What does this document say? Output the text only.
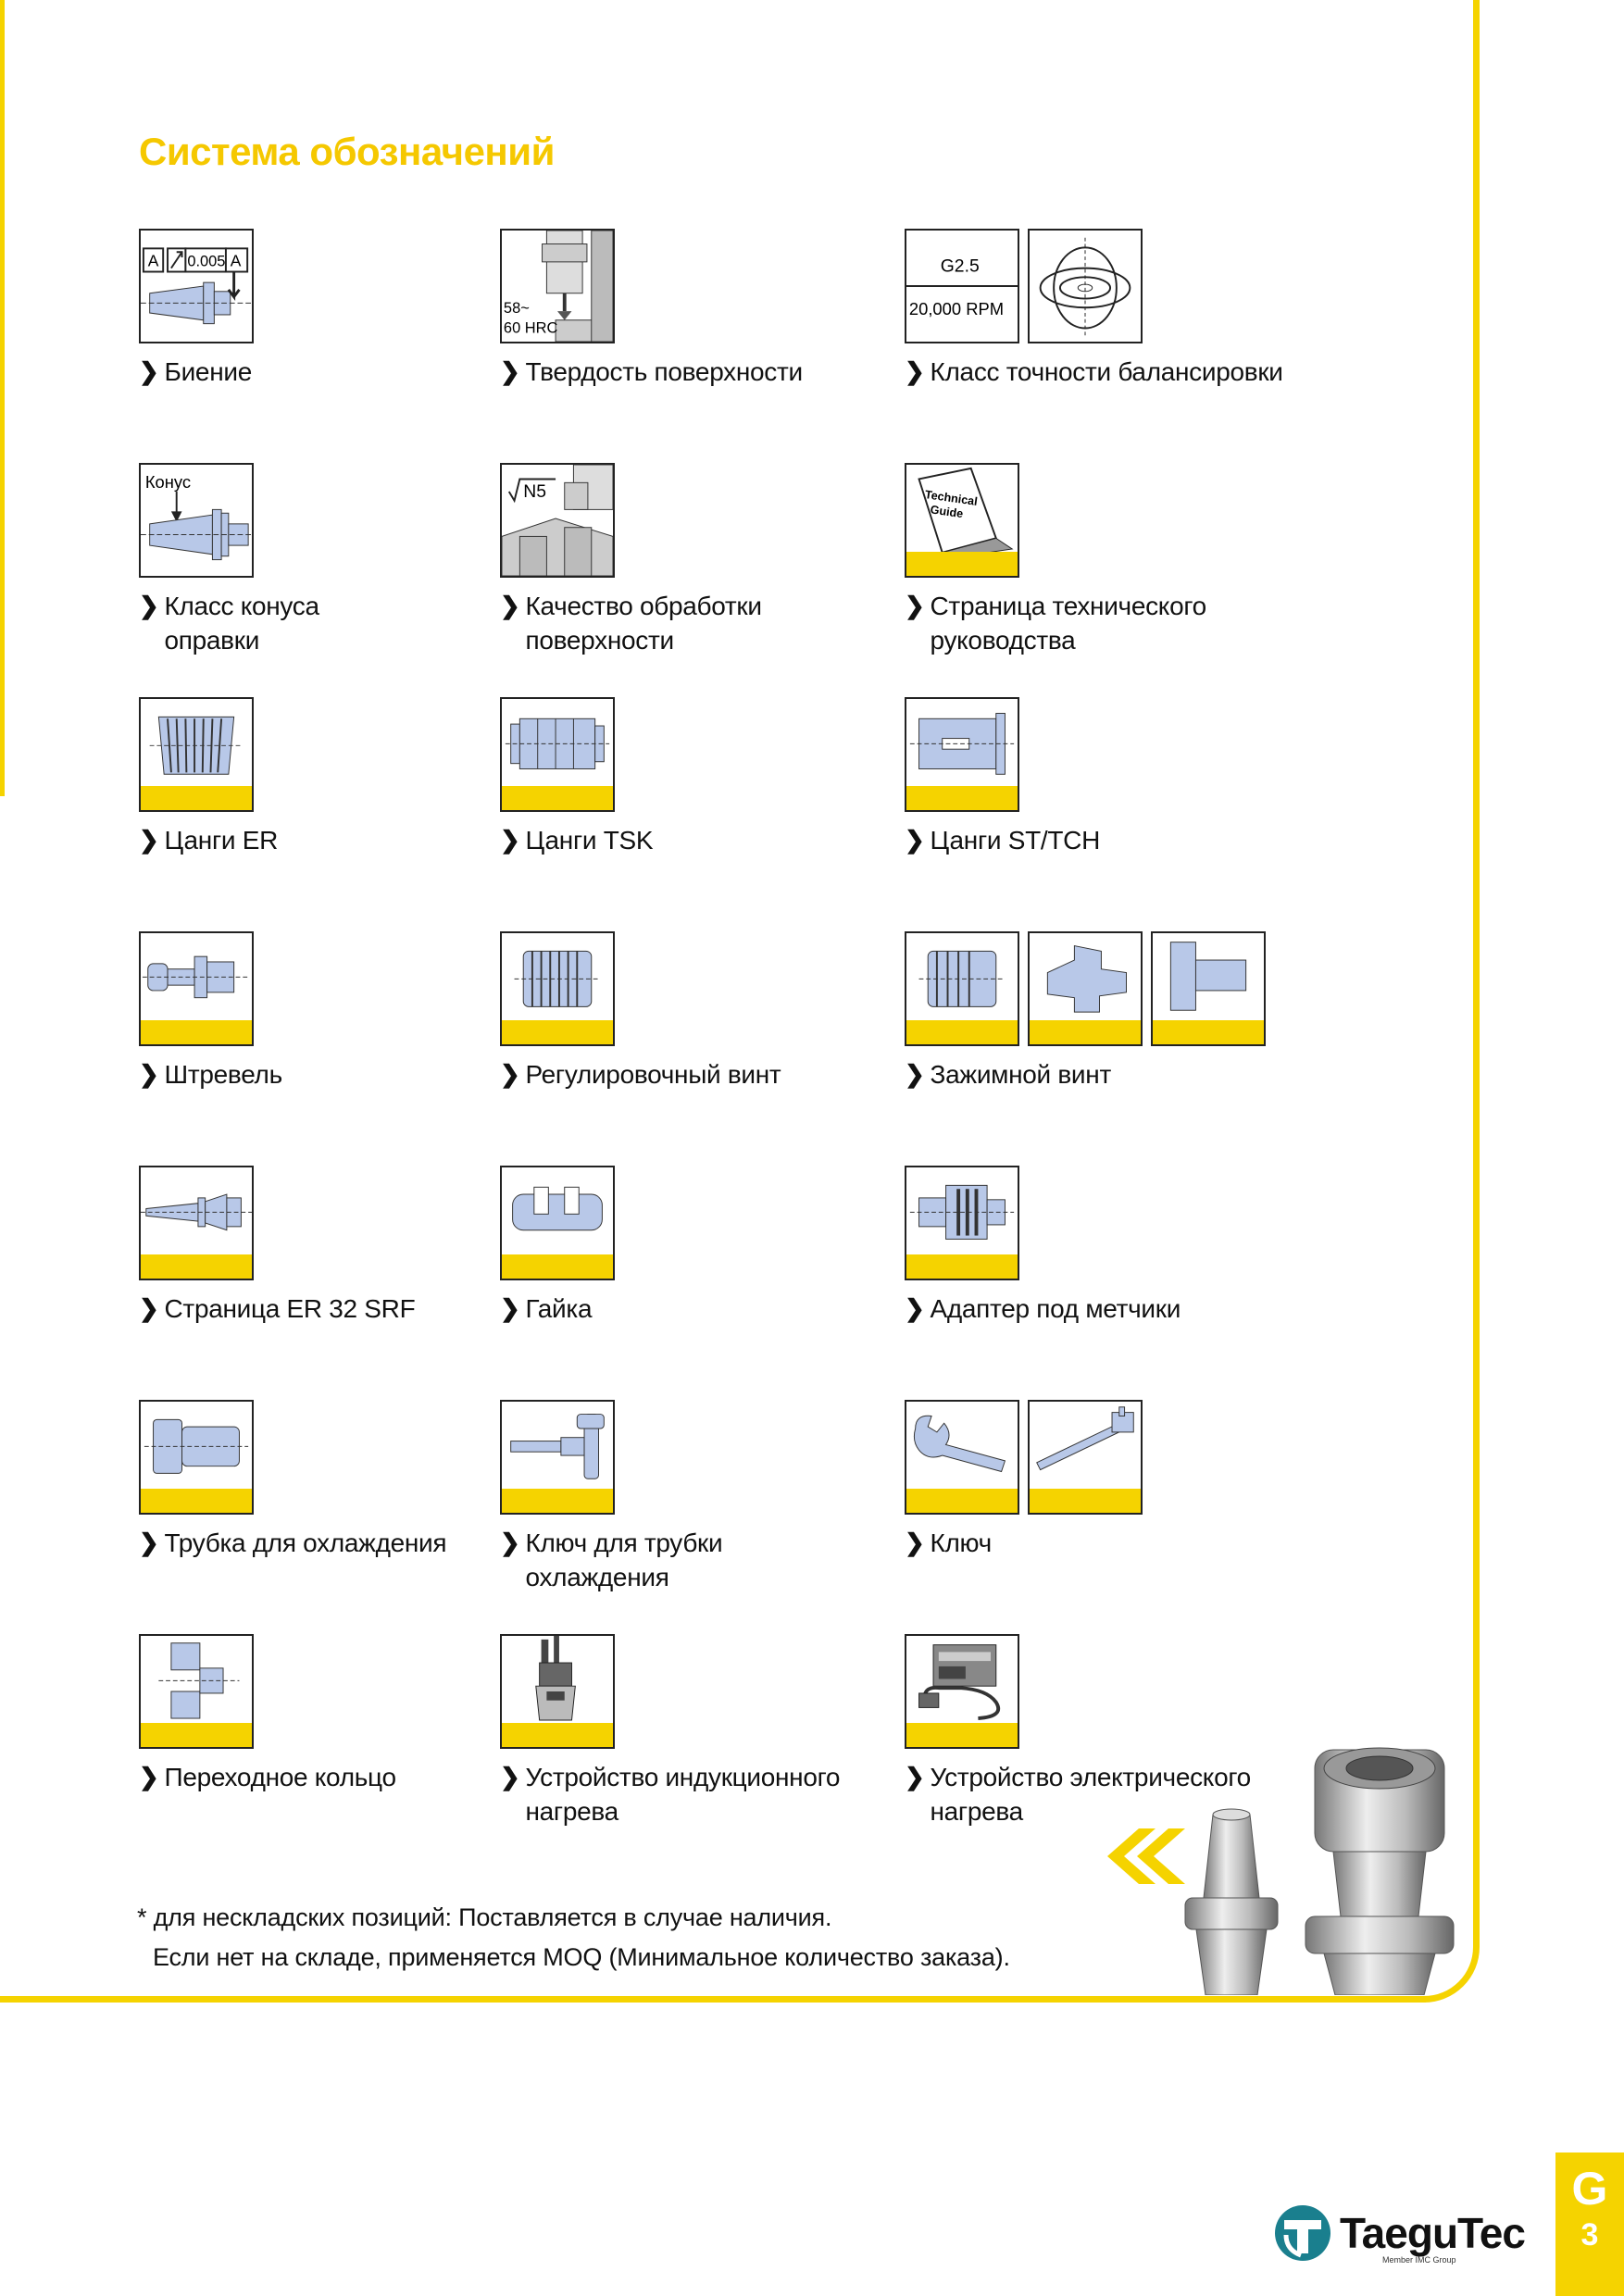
Система обозначений
A 0.005 A
❯ Биение
58~
60 HRC
❯ Твердость поверхности
G2.5
20,000 RPM
❯ Класс точности балансировки
Конус
❯ Класс конуса
оправки
N5
❯ Качество обработки
поверхности
Technical
Guide
❯ Страница технического
руководства
❯ Цанги ER	❯ Цанги TSK	❯ Цанги ST/TCH
❯ Штревель	❯ Регулировочный винт	❯ Зажимной винт
❯ Страница ER 32 SRF	❯ Гайка	❯ Адаптер под метчики
❯ Трубка для охлаждения ❯ Ключ для трубки
охлаждения
❯ Ключ
❯ Переходное кольцо	❯ Устройство индукционного
нагрева
❯ Устройство электрического
нагрева
* для нескладских позиций: Поставляется в случае наличия.
Если нет на складе, применяется MOQ (Минимальное количество заказа).
TaeguTec
Member IMC Group
G
3
